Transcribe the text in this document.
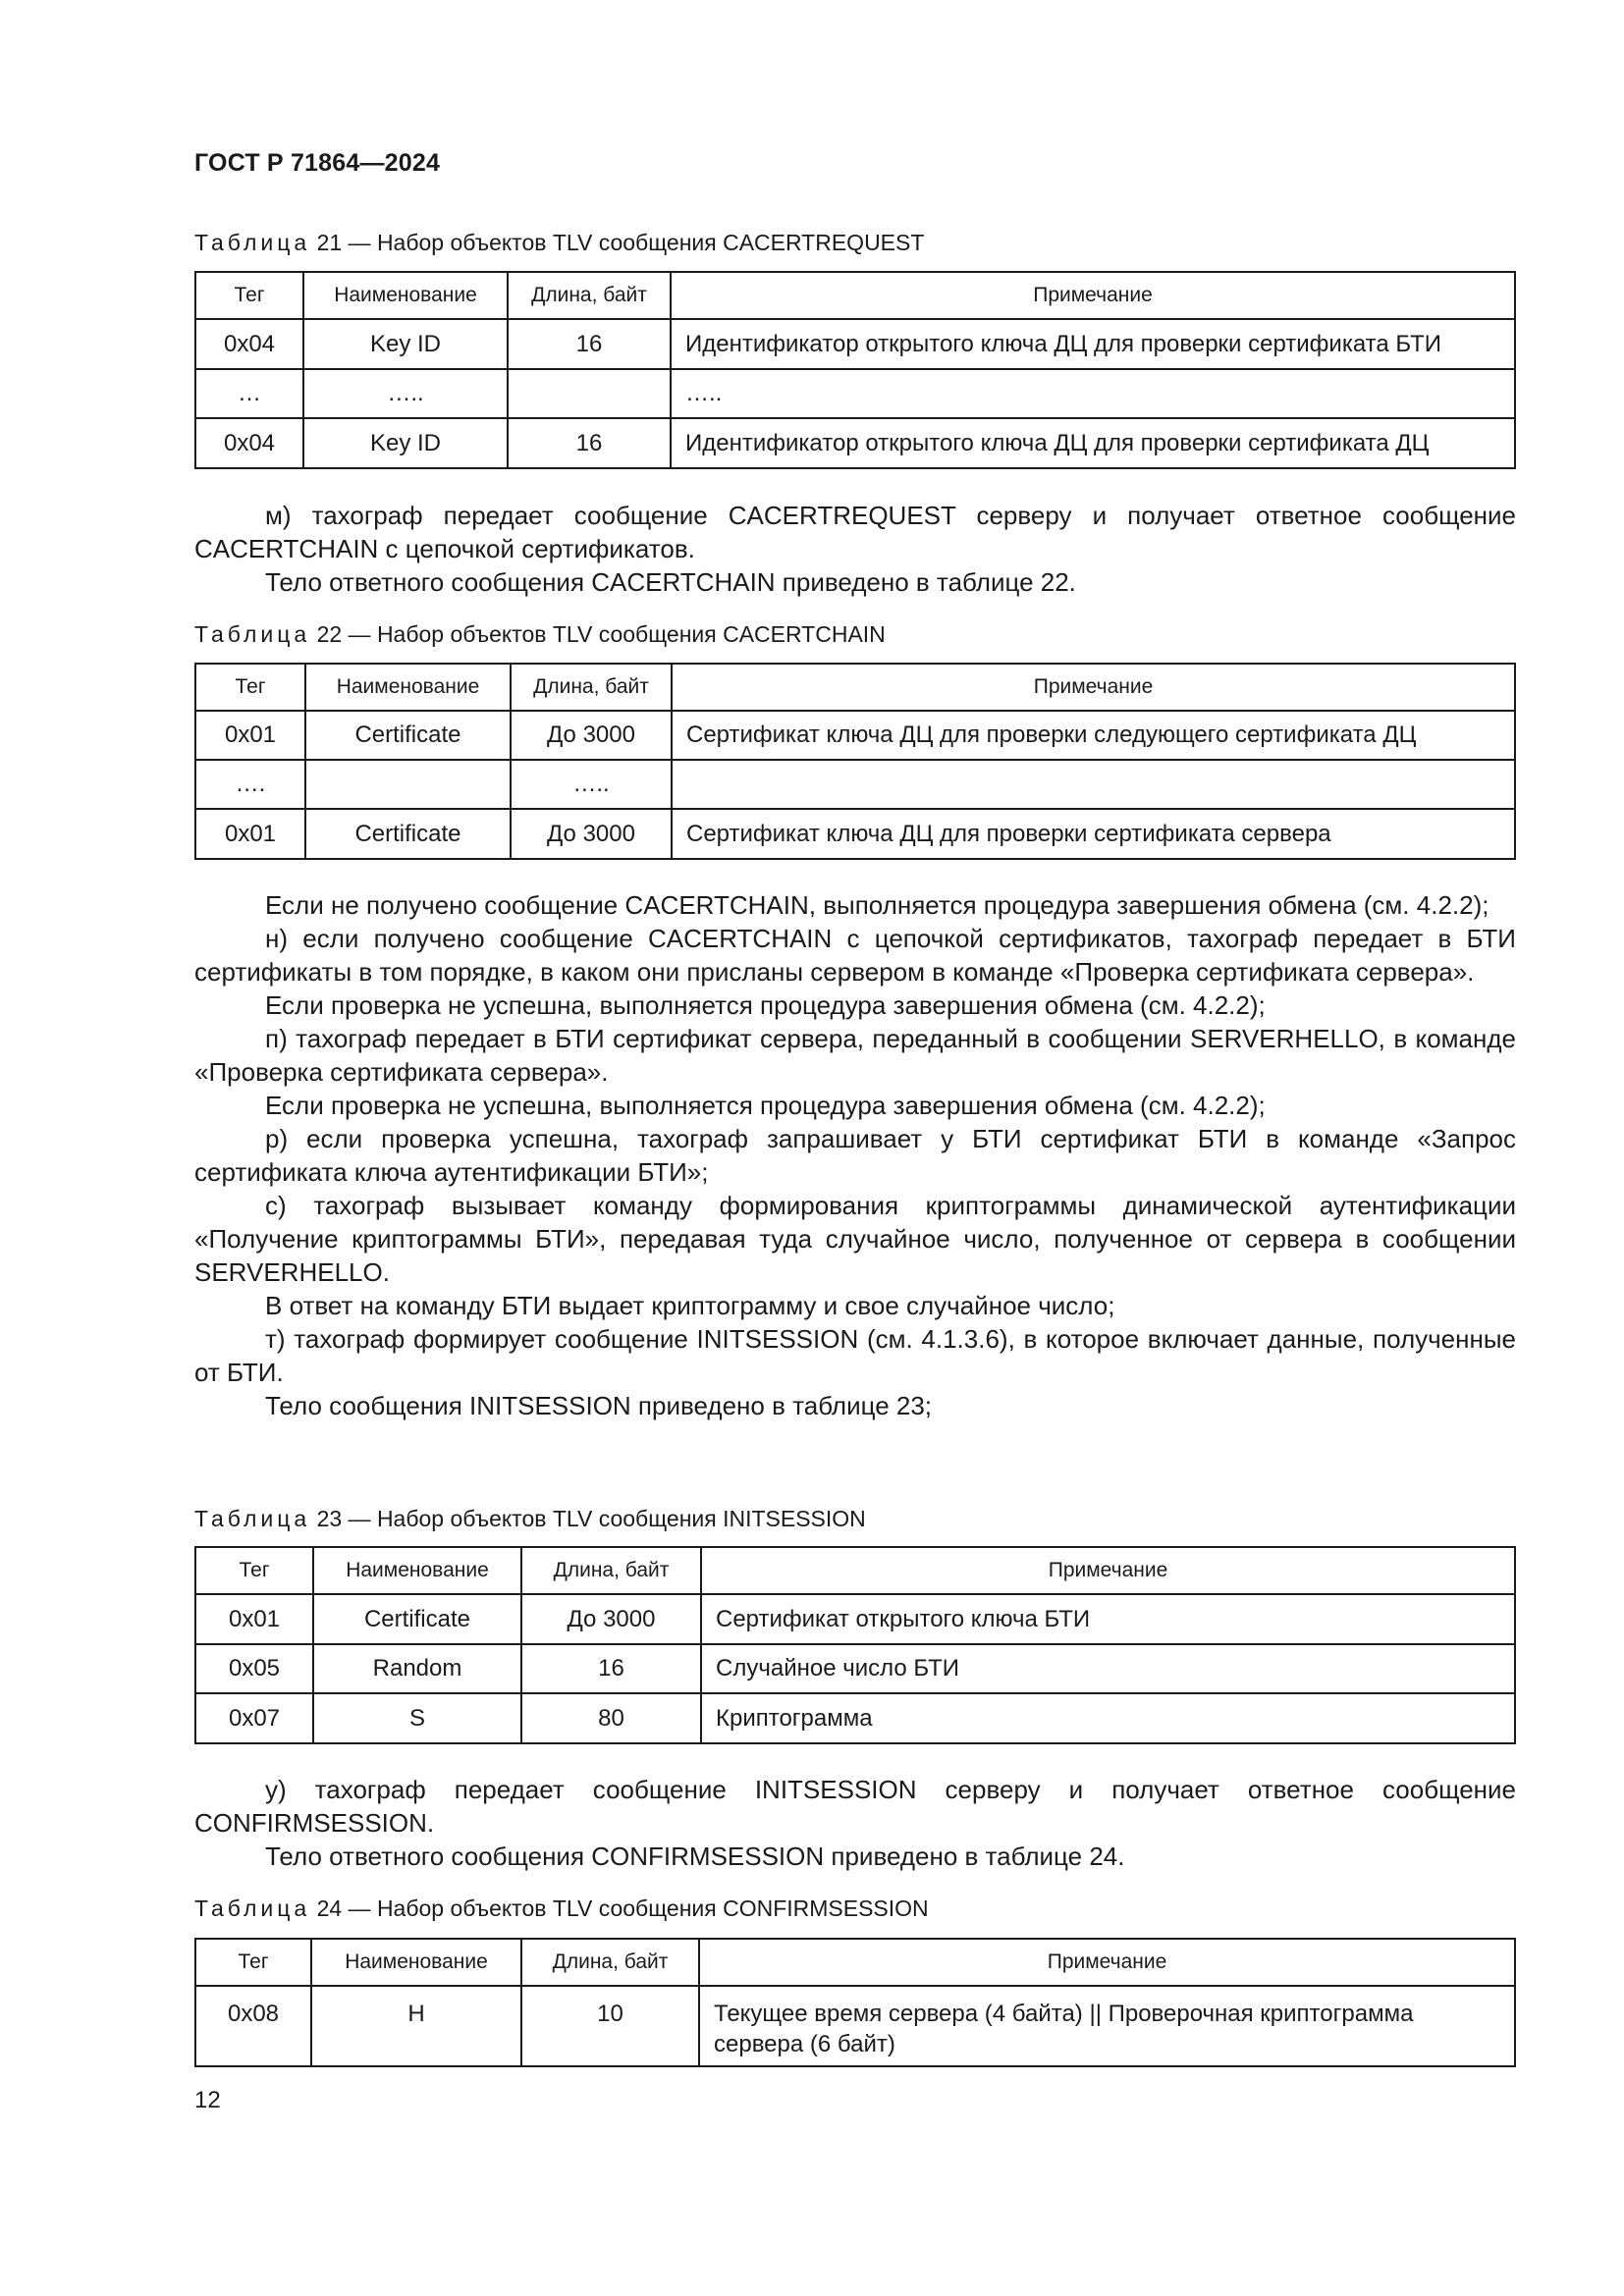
ГОСТ Р 71864—2024
Таблица 21 — Набор объектов TLV сообщения CACERTREQUEST
Тег	Наименование	Длина, байт	Примечание
0x04	Key ID	16	Идентификатор открытого ключа ДЦ для проверки сертификата БТИ
…	…..		…..
0x04	Key ID	16	Идентификатор открытого ключа ДЦ для проверки сертификата ДЦ

м) тахограф передает сообщение CACERTREQUEST серверу и получает ответное сообщение CACERTCHAIN с цепочкой сертификатов.

Тело ответного сообщения CACERTCHAIN приведено в таблице 22.

Таблица 22 — Набор объектов TLV сообщения CACERTCHAIN
Тег	Наименование	Длина, байт	Примечание
0x01	Certificate	До 3000	Сертификат ключа ДЦ для проверки следующего сертификата ДЦ
….		…..	
0x01	Certificate	До 3000	Сертификат ключа ДЦ для проверки сертификата сервера

Если не получено сообщение CACERTCHAIN, выполняется процедура завершения обмена (см. 4.2.2);

н) если получено сообщение CACERTCHAIN с цепочкой сертификатов, тахограф передает в БТИ сертификаты в том порядке, в каком они присланы сервером в команде «Проверка сертификата сервера».

Если проверка не успешна, выполняется процедура завершения обмена (см. 4.2.2);

п) тахограф передает в БТИ сертификат сервера, переданный в сообщении SERVERHELLO, в команде «Проверка сертификата сервера».

Если проверка не успешна, выполняется процедура завершения обмена (см. 4.2.2);

р) если проверка успешна, тахограф запрашивает у БТИ сертификат БТИ в команде «Запрос сертификата ключа аутентификации БТИ»;

с) тахограф вызывает команду формирования криптограммы динамической аутентификации «Получение криптограммы БТИ», передавая туда случайное число, полученное от сервера в сообщении SERVERHELLO.

В ответ на команду БТИ выдает криптограмму и свое случайное число;

т) тахограф формирует сообщение INITSESSION (см. 4.1.3.6), в которое включает данные, полученные от БТИ.

Тело сообщения INITSESSION приведено в таблице 23;

Таблица 23 — Набор объектов TLV сообщения INITSESSION
Тег	Наименование	Длина, байт	Примечание
0x01	Certificate	До 3000	Сертификат открытого ключа БТИ
0x05	Random	16	Случайное число БТИ
0x07	S	80	Криптограмма

у) тахограф передает сообщение INITSESSION серверу и получает ответное сообщение CONFIRMSESSION.

Тело ответного сообщения CONFIRMSESSION приведено в таблице 24.

Таблица 24 — Набор объектов TLV сообщения CONFIRMSESSION
Тег	Наименование	Длина, байт	Примечание
0x08	H	10	Текущее время сервера (4 байта) || Проверочная криптограмма сервера (6 байт)
12
